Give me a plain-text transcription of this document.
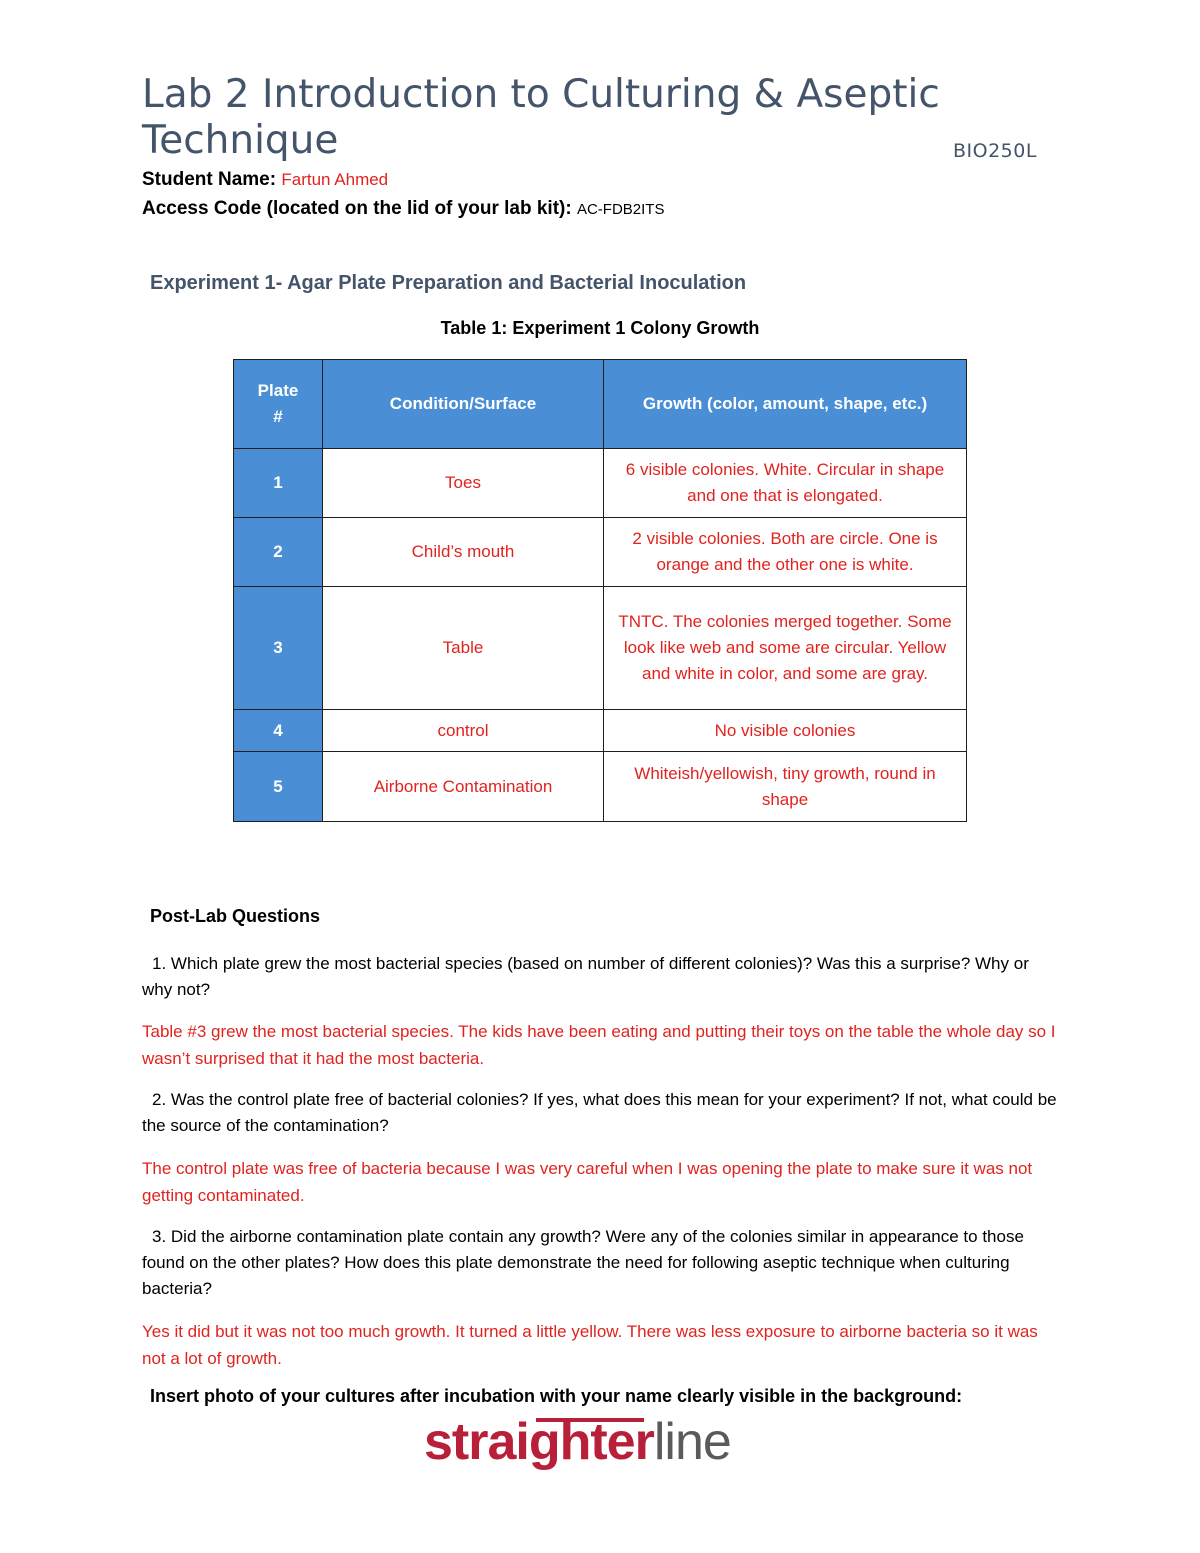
Lab 2 Introduction to Culturing & Aseptic
Technique	BIO250L
Student Name: Fartun Ahmed
Access Code (located on the lid of your lab kit): AC-FDB2ITS
Experiment 1- Agar Plate Preparation and Bacterial Inoculation
Table 1: Experiment 1 Colony Growth
Plate
#	Condition/Surface	Growth (color, amount, shape, etc.)
1	Toes	6 visible colonies. White. Circular in shape and one that is elongated.
2	Child’s mouth	2 visible colonies. Both are circle. One is orange and the other one is white.
3	Table	TNTC. The colonies merged together. Some look like web and some are circular. Yellow and white in color, and some are gray.
4	control	No visible colonies
5	Airborne Contamination	Whiteish/yellowish, tiny growth, round in shape
Post-Lab Questions
1. Which plate grew the most bacterial species (based on number of different colonies)? Was this a surprise? Why or why not?
Table #3 grew the most bacterial species. The kids have been eating and putting their toys on the table the whole day so I wasn’t surprised that it had the most bacteria.
2. Was the control plate free of bacterial colonies? If yes, what does this mean for your experiment? If not, what could be the source of the contamination?
The control plate was free of bacteria because I was very careful when I was opening the plate to make sure it was not getting contaminated.
3. Did the airborne contamination plate contain any growth? Were any of the colonies similar in appearance to those found on the other plates? How does this plate demonstrate the need for following aseptic technique when culturing bacteria?
Yes it did but it was not too much growth. It turned a little yellow. There was less exposure to airborne bacteria so it was not a lot of growth.
Insert photo of your cultures after incubation with your name clearly visible in the background:
straighterline
